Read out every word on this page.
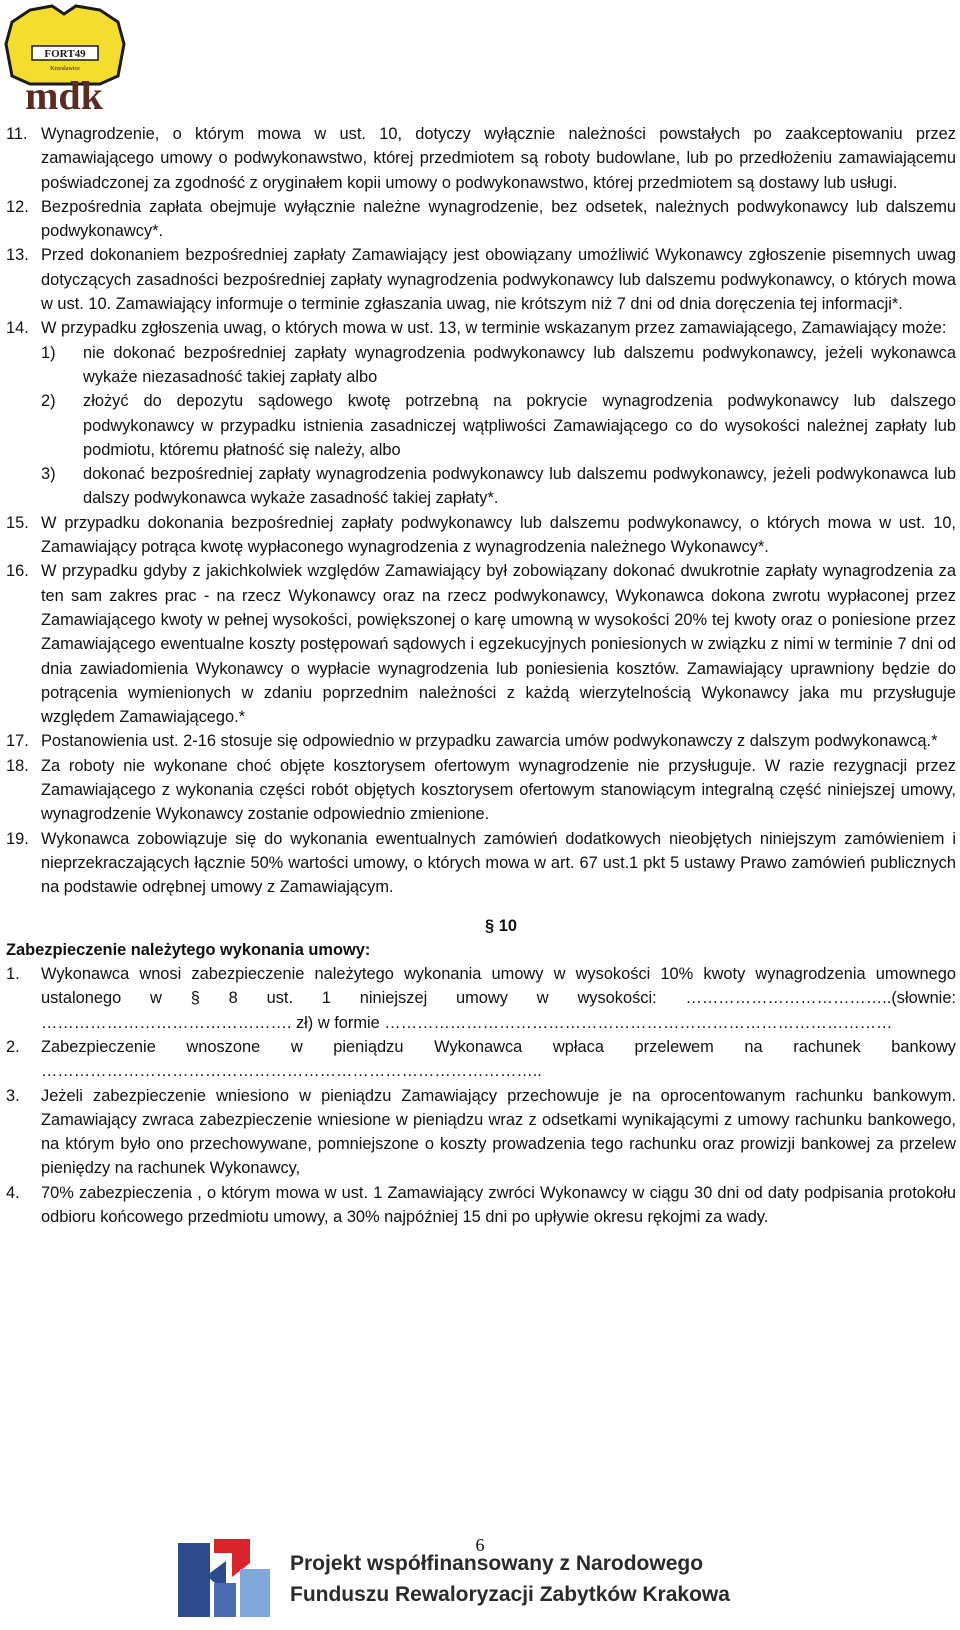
FORT49
Krzesławice
mdk
11. Wynagrodzenie, o którym mowa w ust. 10, dotyczy wyłącznie należności powstałych po zaakceptowaniu przez zamawiającego umowy o podwykonawstwo, której przedmiotem są roboty budowlane, lub po przedłożeniu zamawiającemu poświadczonej za zgodność z oryginałem kopii umowy o podwykonawstwo, której przedmiotem są dostawy lub usługi.
12. Bezpośrednia zapłata obejmuje wyłącznie należne wynagrodzenie, bez odsetek, należnych podwykonawcy lub dalszemu podwykonawcy*.
13. Przed dokonaniem bezpośredniej zapłaty Zamawiający jest obowiązany umożliwić Wykonawcy zgłoszenie pisemnych uwag dotyczących zasadności bezpośredniej zapłaty wynagrodzenia podwykonawcy lub dalszemu podwykonawcy, o których mowa w ust. 10. Zamawiający informuje o terminie zgłaszania uwag, nie krótszym niż 7 dni od dnia doręczenia tej informacji*.
14. W przypadku zgłoszenia uwag, o których mowa w ust. 13, w terminie wskazanym przez zamawiającego, Zamawiający może:
1)	nie dokonać bezpośredniej zapłaty wynagrodzenia podwykonawcy lub dalszemu podwykonawcy, jeżeli wykonawca wykaże niezasadność takiej zapłaty albo
2)	złożyć do depozytu sądowego kwotę potrzebną na pokrycie wynagrodzenia podwykonawcy lub dalszego podwykonawcy w przypadku istnienia zasadniczej wątpliwości Zamawiającego co do wysokości należnej zapłaty lub podmiotu, któremu płatność się należy, albo
3)	dokonać bezpośredniej zapłaty wynagrodzenia podwykonawcy lub dalszemu podwykonawcy, jeżeli podwykonawca lub dalszy podwykonawca wykaże zasadność takiej zapłaty*.
15. W przypadku dokonania bezpośredniej zapłaty podwykonawcy lub dalszemu podwykonawcy, o których mowa w ust. 10, Zamawiający potrąca kwotę wypłaconego wynagrodzenia z wynagrodzenia należnego Wykonawcy*.
16. W przypadku gdyby z jakichkolwiek względów Zamawiający był zobowiązany dokonać dwukrotnie zapłaty wynagrodzenia za ten sam zakres prac - na rzecz Wykonawcy oraz na rzecz podwykonawcy, Wykonawca dokona zwrotu wypłaconej przez Zamawiającego kwoty w pełnej wysokości, powiększonej o karę umowną w wysokości 20% tej kwoty oraz o poniesione przez Zamawiającego ewentualne koszty postępowań sądowych i egzekucyjnych poniesionych w związku z nimi w terminie 7 dni od dnia zawiadomienia Wykonawcy o wypłacie wynagrodzenia lub poniesienia kosztów. Zamawiający uprawniony będzie do potrącenia wymienionych w zdaniu poprzednim należności z każdą wierzytelnością Wykonawcy jaka mu przysługuje względem Zamawiającego.*
17. Postanowienia ust. 2-16 stosuje się odpowiednio w przypadku zawarcia umów podwykonawczy z dalszym podwykonawcą.*
18. Za roboty nie wykonane choć objęte kosztorysem ofertowym wynagrodzenie nie przysługuje. W razie rezygnacji przez Zamawiającego z wykonania części robót objętych kosztorysem ofertowym stanowiącym integralną część niniejszej umowy, wynagrodzenie Wykonawcy zostanie odpowiednio zmienione.
19. Wykonawca zobowiązuje się do wykonania ewentualnych zamówień dodatkowych nieobjętych niniejszym zamówieniem i nieprzekraczających łącznie 50% wartości umowy, o których mowa w art. 67 ust.1 pkt 5 ustawy Prawo zamówień publicznych na podstawie odrębnej umowy z Zamawiającym.
§ 10
Zabezpieczenie należytego wykonania umowy:
1.	Wykonawca wnosi zabezpieczenie należytego wykonania umowy w wysokości 10% kwoty wynagrodzenia umownego ustalonego w § 8 ust. 1 niniejszej umowy w wysokości: ………………………………..(słownie: ………………………………………. zł) w formie …………………………………………………………………………………
2.	Zabezpieczenie wnoszone w pieniądzu Wykonawca wpłaca przelewem na rachunek bankowy ………………………………………………………………………………..
3.	Jeżeli zabezpieczenie wniesiono w pieniądzu Zamawiający przechowuje je na oprocentowanym rachunku bankowym. Zamawiający zwraca zabezpieczenie wniesione w pieniądzu wraz z odsetkami wynikającymi z umowy rachunku bankowego, na którym było ono przechowywane, pomniejszone o koszty prowadzenia tego rachunku oraz prowizji bankowej za przelew pieniędzy na rachunek Wykonawcy,
4.	70% zabezpieczenia , o którym mowa w ust. 1 Zamawiający zwróci Wykonawcy w ciągu 30 dni od daty podpisania protokołu odbioru końcowego przedmiotu umowy, a 30% najpóźniej 15 dni po upływie okresu rękojmi za wady.
6
Projekt współfinansowany z Narodowego
Funduszu Rewaloryzacji Zabytków Krakowa
